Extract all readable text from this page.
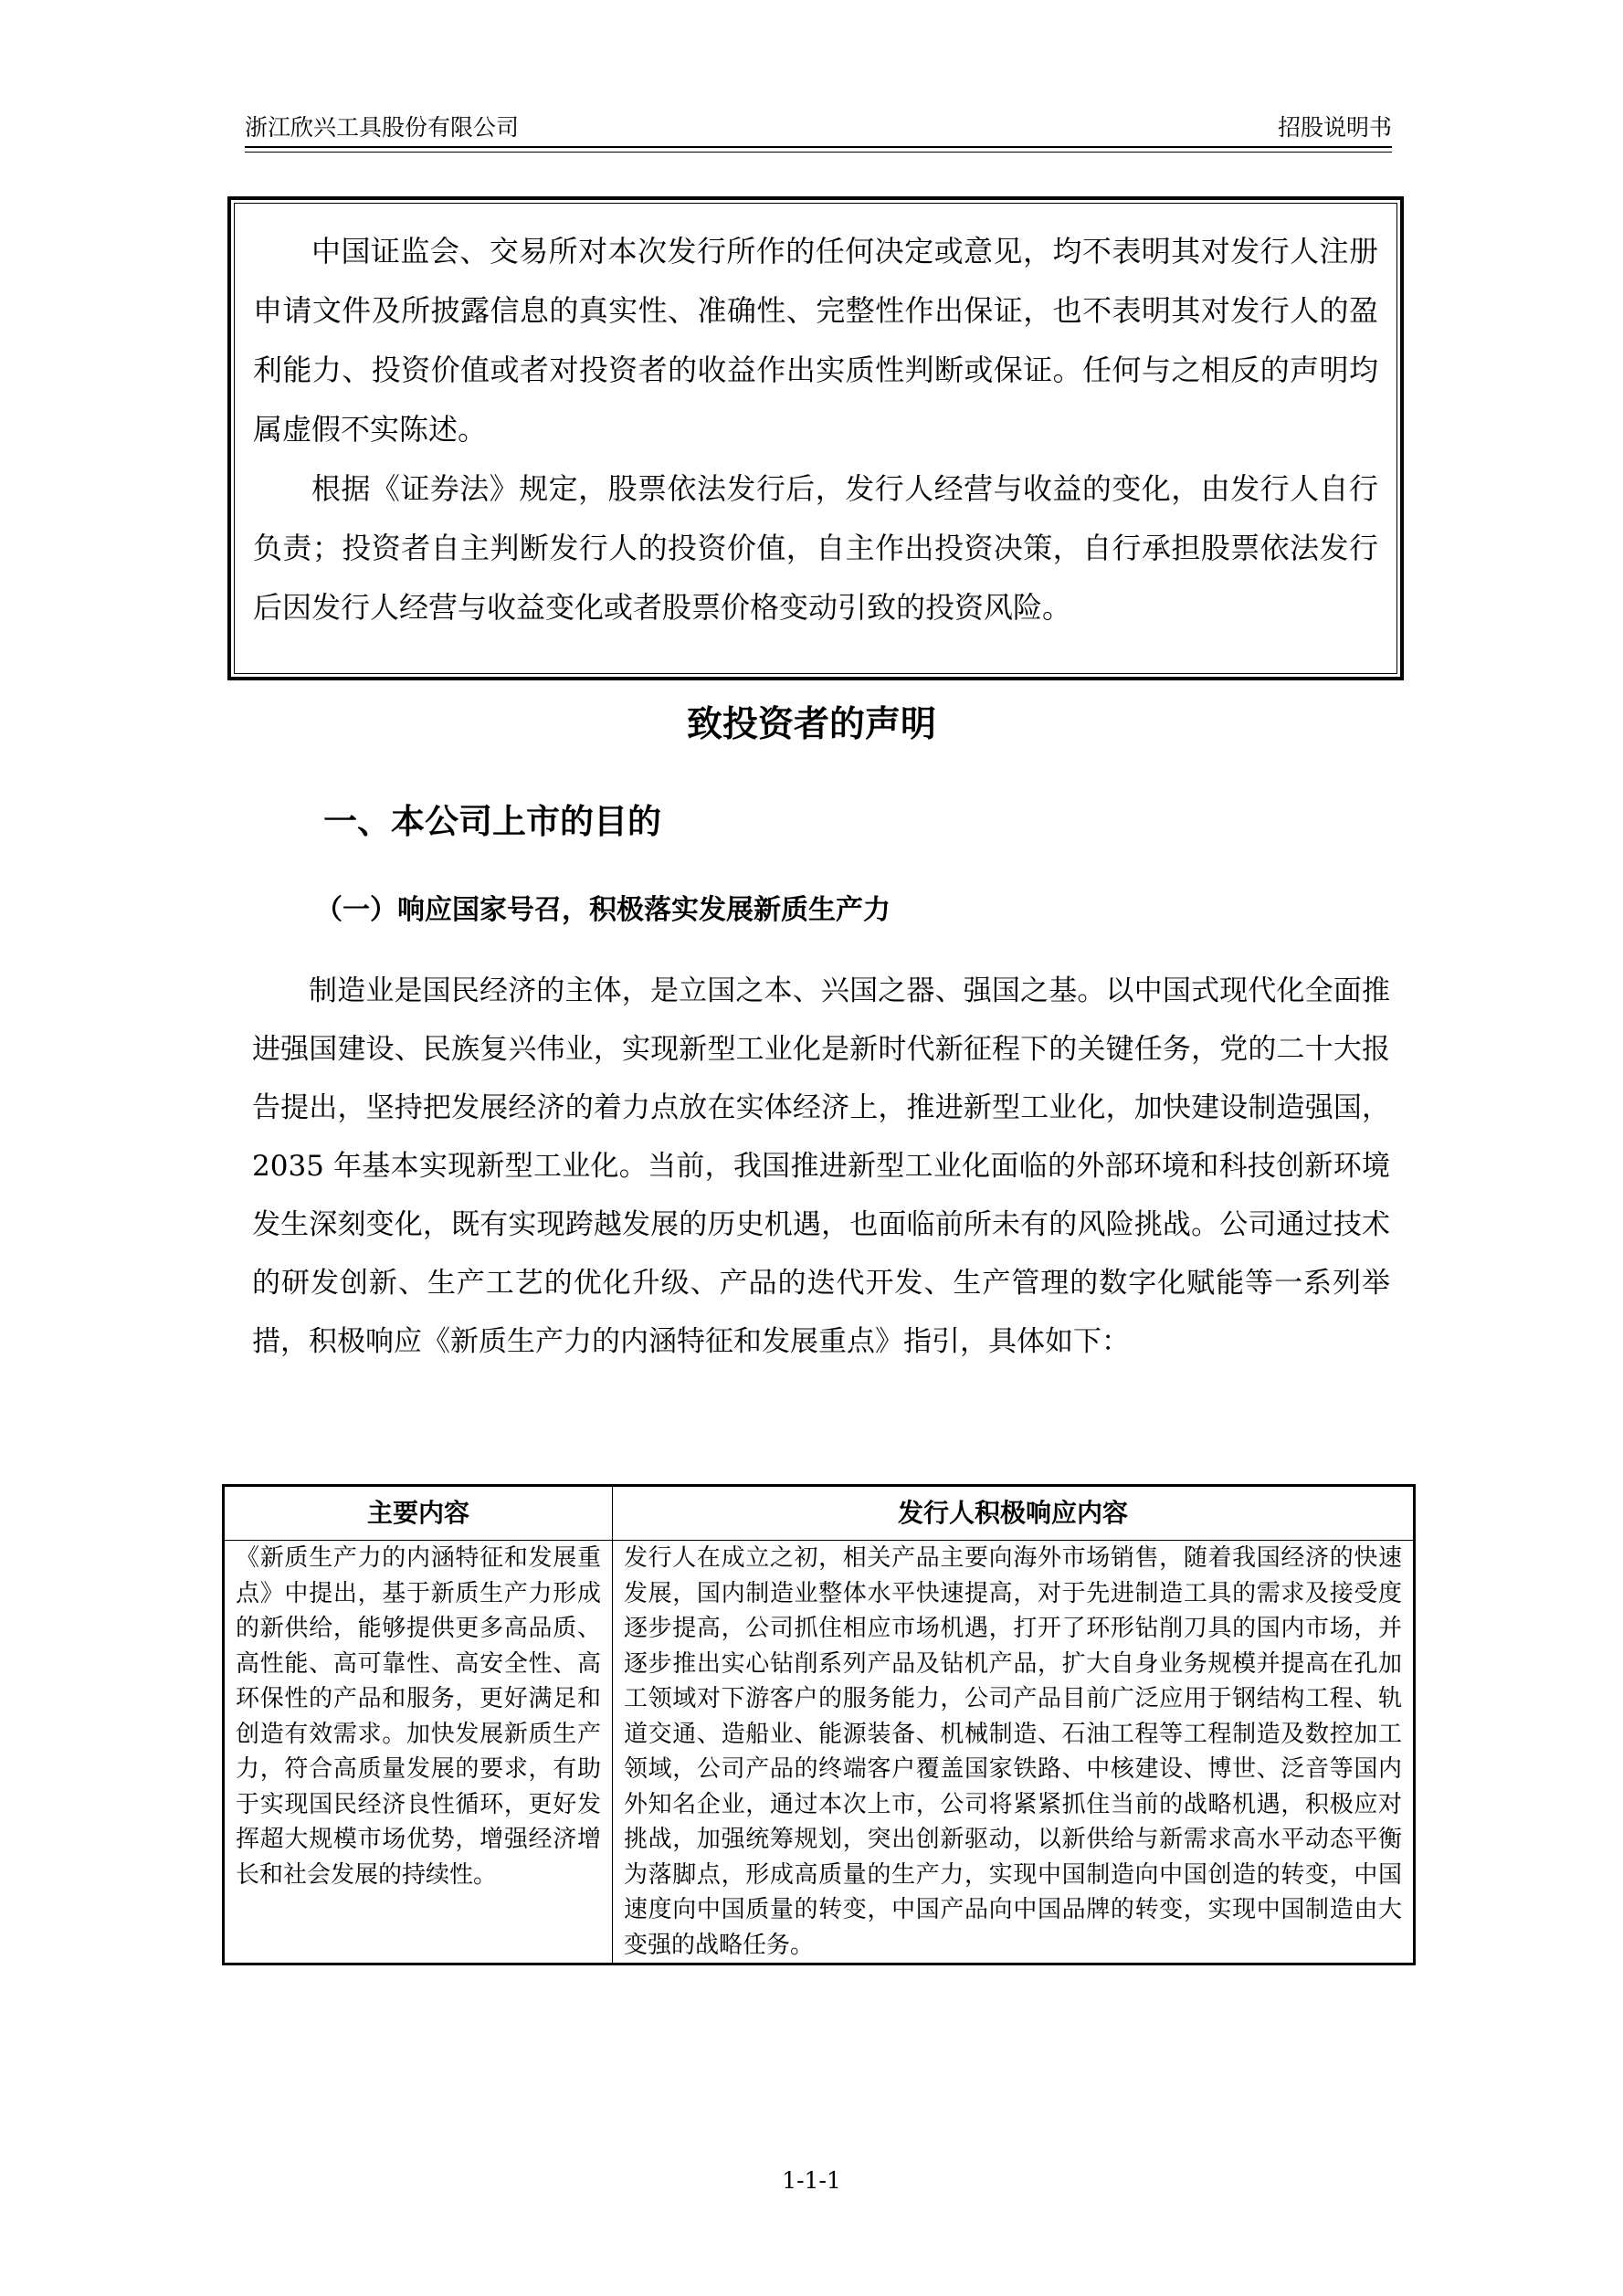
浙江欣兴工具股份有限公司	招股说明书

中国证监会、交易所对本次发行所作的任何决定或意见，均不表明其对发行人注册申请文件及所披露信息的真实性、准确性、完整性作出保证，也不表明其对发行人的盈利能力、投资价值或者对投资者的收益作出实质性判断或保证。任何与之相反的声明均属虚假不实陈述。

根据《证券法》规定，股票依法发行后，发行人经营与收益的变化，由发行人自行负责；投资者自主判断发行人的投资价值，自主作出投资决策，自行承担股票依法发行后因发行人经营与收益变化或者股票价格变动引致的投资风险。

致投资者的声明
一、本公司上市的目的
（一）响应国家号召，积极落实发展新质生产力

制造业是国民经济的主体，是立国之本、兴国之器、强国之基。以中国式现代化全面推进强国建设、民族复兴伟业，实现新型工业化是新时代新征程下的关键任务，党的二十大报告提出，坚持把发展经济的着力点放在实体经济上，推进新型工业化，加快建设制造强国，2035 年基本实现新型工业化。当前，我国推进新型工业化面临的外部环境和科技创新环境发生深刻变化，既有实现跨越发展的历史机遇，也面临前所未有的风险挑战。公司通过技术的研发创新、生产工艺的优化升级、产品的迭代开发、生产管理的数字化赋能等一系列举措，积极响应《新质生产力的内涵特征和发展重点》指引，具体如下：

主要内容	发行人积极响应内容
《新质生产力的内涵特征和发展重点》中提出，基于新质生产力形成的新供给，能够提供更多高品质、高性能、高可靠性、高安全性、高环保性的产品和服务，更好满足和创造有效需求。加快发展新质生产力，符合高质量发展的要求，有助于实现国民经济良性循环，更好发挥超大规模市场优势，增强经济增长和社会发展的持续性。	发行人在成立之初，相关产品主要向海外市场销售，随着我国经济的快速发展，国内制造业整体水平快速提高，对于先进制造工具的需求及接受度逐步提高，公司抓住相应市场机遇，打开了环形钻削刀具的国内市场，并逐步推出实心钻削系列产品及钻机产品，扩大自身业务规模并提高在孔加工领域对下游客户的服务能力，公司产品目前广泛应用于钢结构工程、轨道交通、造船业、能源装备、机械制造、石油工程等工程制造及数控加工领域，公司产品的终端客户覆盖国家铁路、中核建设、博世、泛音等国内外知名企业，通过本次上市，公司将紧紧抓住当前的战略机遇，积极应对挑战，加强统筹规划，突出创新驱动，以新供给与新需求高水平动态平衡为落脚点，形成高质量的生产力，实现中国制造向中国创造的转变，中国速度向中国质量的转变，中国产品向中国品牌的转变，实现中国制造由大变强的战略任务。
1-1-1
